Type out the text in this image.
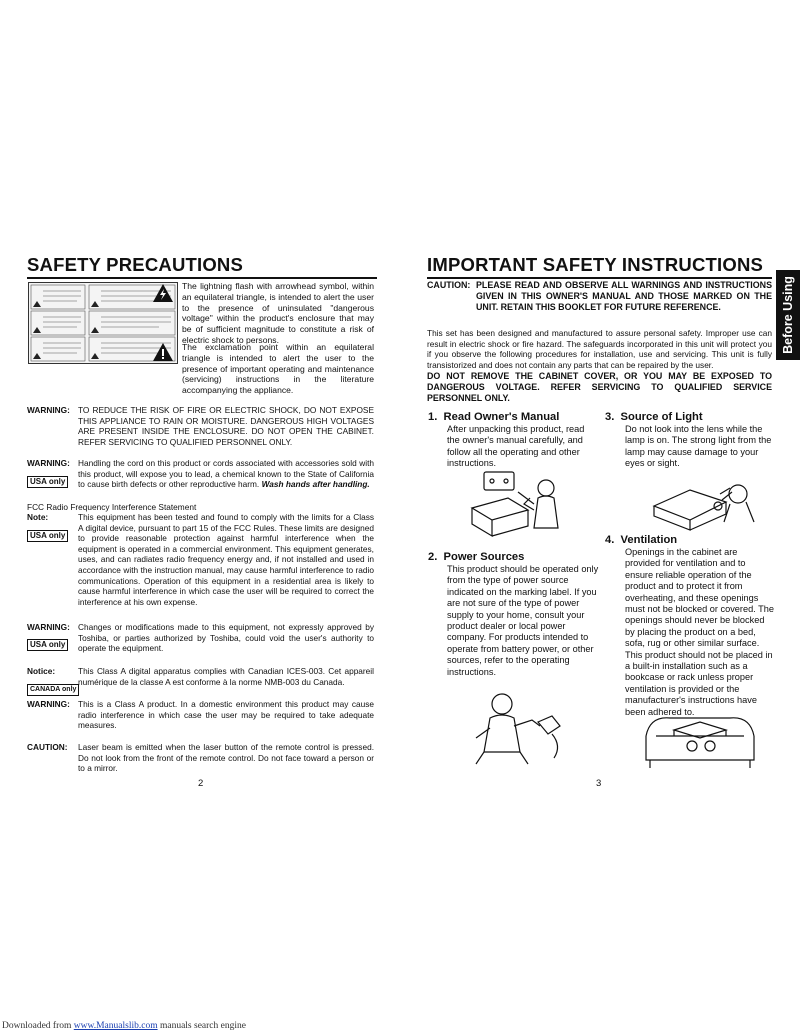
SAFETY PRECAUTIONS
The lightning flash with arrowhead symbol, within an equilateral triangle, is intended to alert the user to the presence of uninsulated "dangerous voltage" within the product's enclosure that may be of sufficient magnitude to constitute a risk of electric shock to persons.
The exclamation point within an equilateral triangle is intended to alert the user to the presence of important operating and maintenance (servicing) instructions in the literature accompanying the appliance.
WARNING: TO REDUCE THE RISK OF FIRE OR ELECTRIC SHOCK, DO NOT EXPOSE THIS APPLIANCE TO RAIN OR MOISTURE. DANGEROUS HIGH VOLTAGES ARE PRESENT INSIDE THE ENCLOSURE. DO NOT OPEN THE CABINET. REFER SERVICING TO QUALIFIED PERSONNEL ONLY.
WARNING:
USA only
Handling the cord on this product or cords associated with accessories sold with this product, will expose you to lead, a chemical known to the State of California to cause birth defects or other reproductive harm. Wash hands after handling.
FCC Radio Frequency Interference Statement
Note:
USA only
This equipment has been tested and found to comply with the limits for a Class A digital device, pursuant to part 15 of the FCC Rules. These limits are designed to provide reasonable protection against harmful interference when the equipment is operated in a commercial environment. This equipment generates, uses, and can radiates radio frequency energy and, if not installed and used in accordance with the instruction manual, may cause harmful interference to radio communications. Operation of this equipment in a residential area is likely to cause harmful interference in which case the user will be required to correct the interference at his own expense.
WARNING:
USA only
Changes or modifications made to this equipment, not expressly approved by Toshiba, or parties authorized by Toshiba, could void the user's authority to operate the equipment.
Notice:
CANADA only
This Class A digital apparatus complies with Canadian ICES-003. Cet appareil numérique de la classe A est conforme à la norme NMB-003 du Canada.
WARNING: This is a Class A product. In a domestic environment this product may cause radio interference in which case the user may be required to take adequate measures.
CAUTION: Laser beam is emitted when the laser button of the remote control is pressed. Do not look from the front of the remote control. Do not face toward a person or to a mirror.
2
IMPORTANT SAFETY INSTRUCTIONS
Before Using
CAUTION: PLEASE READ AND OBSERVE ALL WARNINGS AND INSTRUCTIONS GIVEN IN THIS OWNER'S MANUAL AND THOSE MARKED ON THE UNIT. RETAIN THIS BOOKLET FOR FUTURE REFERENCE.
This set has been designed and manufactured to assure personal safety. Improper use can result in electric shock or fire hazard. The safeguards incorporated in this unit will protect you if you observe the following procedures for installation, use and servicing. This unit is fully transistorized and does not contain any parts that can be repaired by the user.
DO NOT REMOVE THE CABINET COVER, OR YOU MAY BE EXPOSED TO DANGEROUS VOLTAGE. REFER SERVICING TO QUALIFIED SERVICE PERSONNEL ONLY.
1.  Read Owner's Manual
After unpacking this product, read the owner's manual carefully, and follow all the operating and other instructions.
2.  Power Sources
This product should be operated only from the type of power source indicated on the marking label. If you are not sure of the type of power supply to your home, consult your product dealer or local power company. For products intended to operate from battery power, or other sources, refer to the operating instructions.
3.  Source of Light
Do not look into the lens while the lamp is on. The strong light from the lamp may cause damage to your eyes or sight.
4.  Ventilation
Openings in the cabinet are provided for ventilation and to ensure reliable operation of the product and to protect it from overheating, and these openings must not be blocked or covered. The openings should never be blocked by placing the product on a bed, sofa, rug or other similar surface. This product should not be placed in a built-in installation such as a bookcase or rack unless proper ventilation is provided or the manufacturer's instructions have been adhered to.
3
Downloaded from www.Manualslib.com manuals search engine
